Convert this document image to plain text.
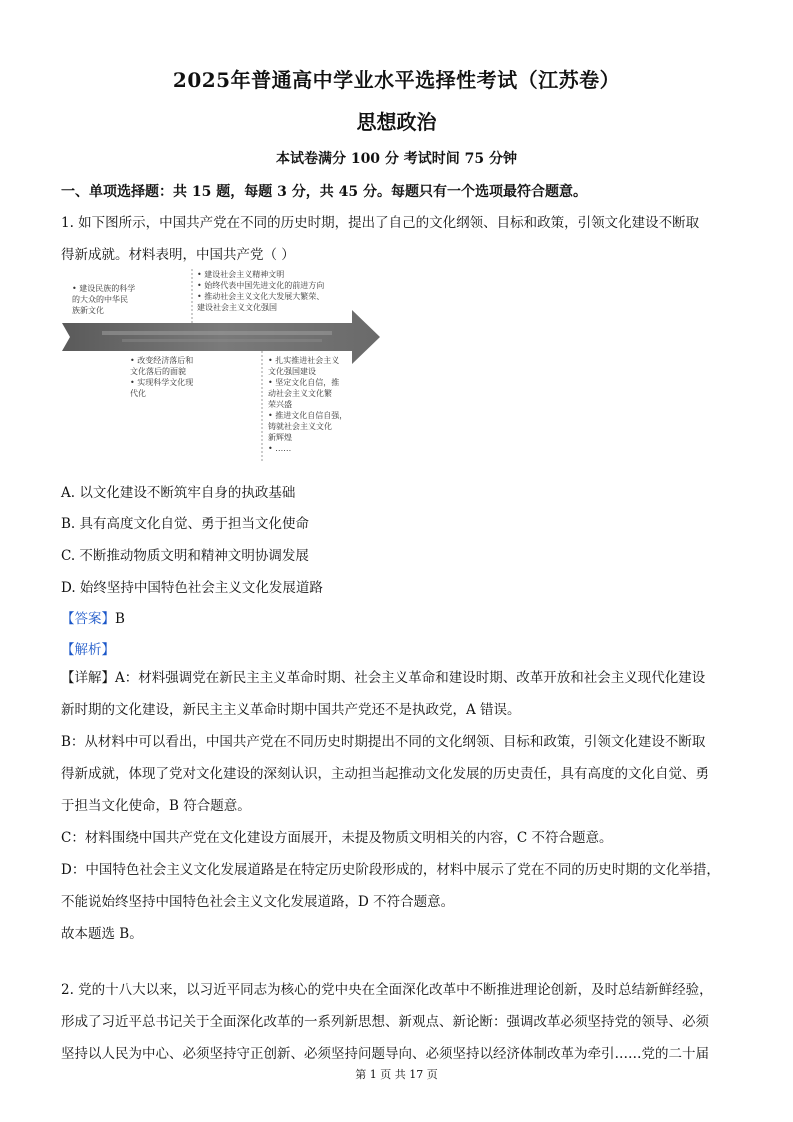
2025年普通高中学业水平选择性考试（江苏卷）
思想政治
本试卷满分 100 分 考试时间 75 分钟
一、单项选择题：共 15 题，每题 3 分，共 45 分。每题只有一个选项最符合题意。
1. 如下图所示，中国共产党在不同的历史时期，提出了自己的文化纲领、目标和政策，引领文化建设不断取
得新成就。材料表明，中国共产党（ ）
• 建设民族的科学
的大众的中华民
族新文化
• 建设社会主义精神文明
• 始终代表中国先进文化的前进方向
• 推动社会主义文化大发展大繁荣、
建设社会主义文化强国
• 改变经济落后和
文化落后的面貌
• 实现科学文化现
代化
• 扎实推进社会主义
文化强国建设
• 坚定文化自信，推
动社会主义文化繁
荣兴盛
• 推进文化自信自强，
铸就社会主义文化
新辉煌
• ……
A. 以文化建设不断筑牢自身的执政基础
B. 具有高度文化自觉、勇于担当文化使命
C. 不断推动物质文明和精神文明协调发展
D. 始终坚持中国特色社会主义文化发展道路
【答案】B
【解析】
【详解】A：材料强调党在新民主主义革命时期、社会主义革命和建设时期、改革开放和社会主义现代化建设
新时期的文化建设，新民主主义革命时期中国共产党还不是执政党，A 错误。
B：从材料中可以看出，中国共产党在不同历史时期提出不同的文化纲领、目标和政策，引领文化建设不断取
得新成就，体现了党对文化建设的深刻认识，主动担当起推动文化发展的历史责任，具有高度的文化自觉、勇
于担当文化使命，B 符合题意。
C：材料围绕中国共产党在文化建设方面展开，未提及物质文明相关的内容，C 不符合题意。
D：中国特色社会主义文化发展道路是在特定历史阶段形成的，材料中展示了党在不同的历史时期的文化举措，
不能说始终坚持中国特色社会主义文化发展道路，D 不符合题意。
故本题选 B。
2. 党的十八大以来，以习近平同志为核心的党中央在全面深化改革中不断推进理论创新，及时总结新鲜经验，
形成了习近平总书记关于全面深化改革的一系列新思想、新观点、新论断：强调改革必须坚持党的领导、必须
坚持以人民为中心、必须坚持守正创新、必须坚持问题导向、必须坚持以经济体制改革为牵引……党的二十届
第 1 页 共 17 页
